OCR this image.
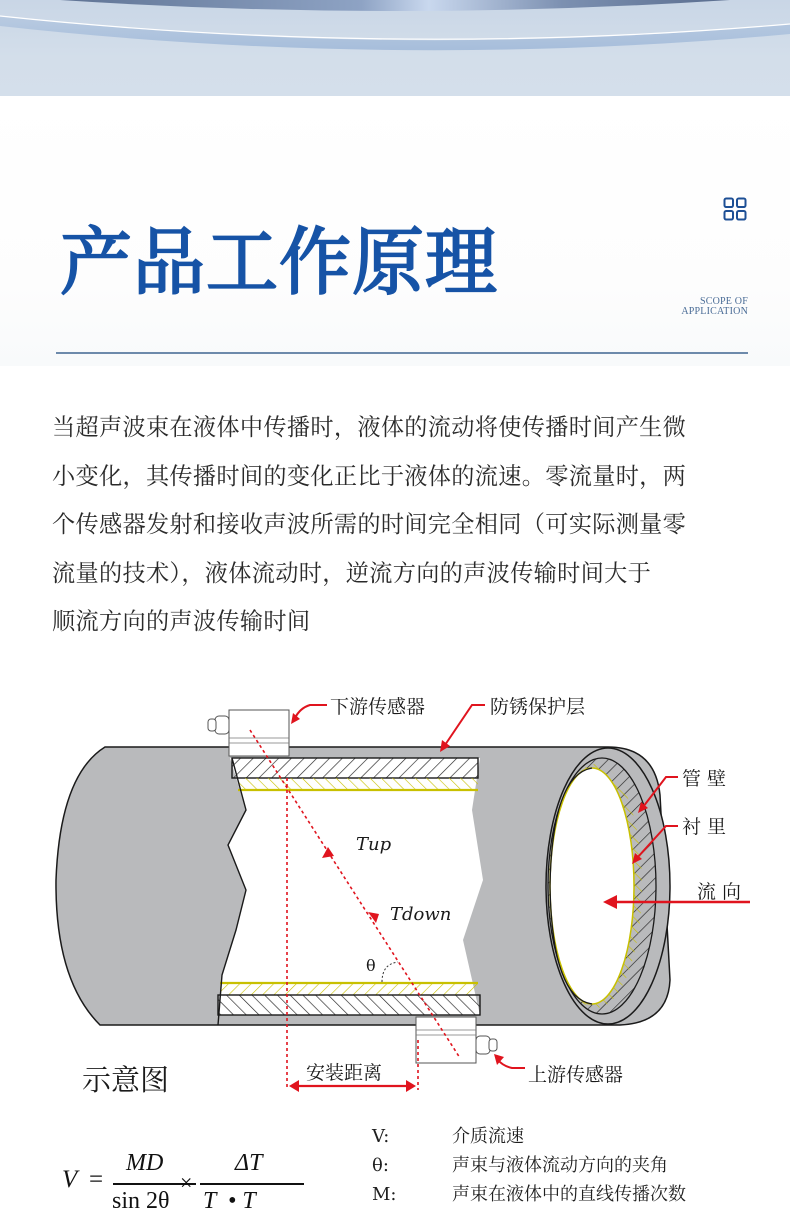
产品工作原理	SCOPE OF
APPLICATION
当超声波束在液体中传播时，液体的流动将使传播时间产生微
小变化，其传播时间的变化正比于液体的流速。零流量时，两
个传感器发射和接收声波所需的时间完全相同（可实际测量零
流量的技术），液体流动时，逆流方向的声波传输时间大于
顺流方向的声波传输时间
下游传感器	防锈保护层
管 壁
衬 里
流 向
Tup
Tdown
θ
安装距离	上游传感器
示意图
V =
MD
sin 2θ
×
ΔT
T  • T
V:	介质流速
θ:	声束与液体流动方向的夹角
M:	声束在液体中的直线传播次数
